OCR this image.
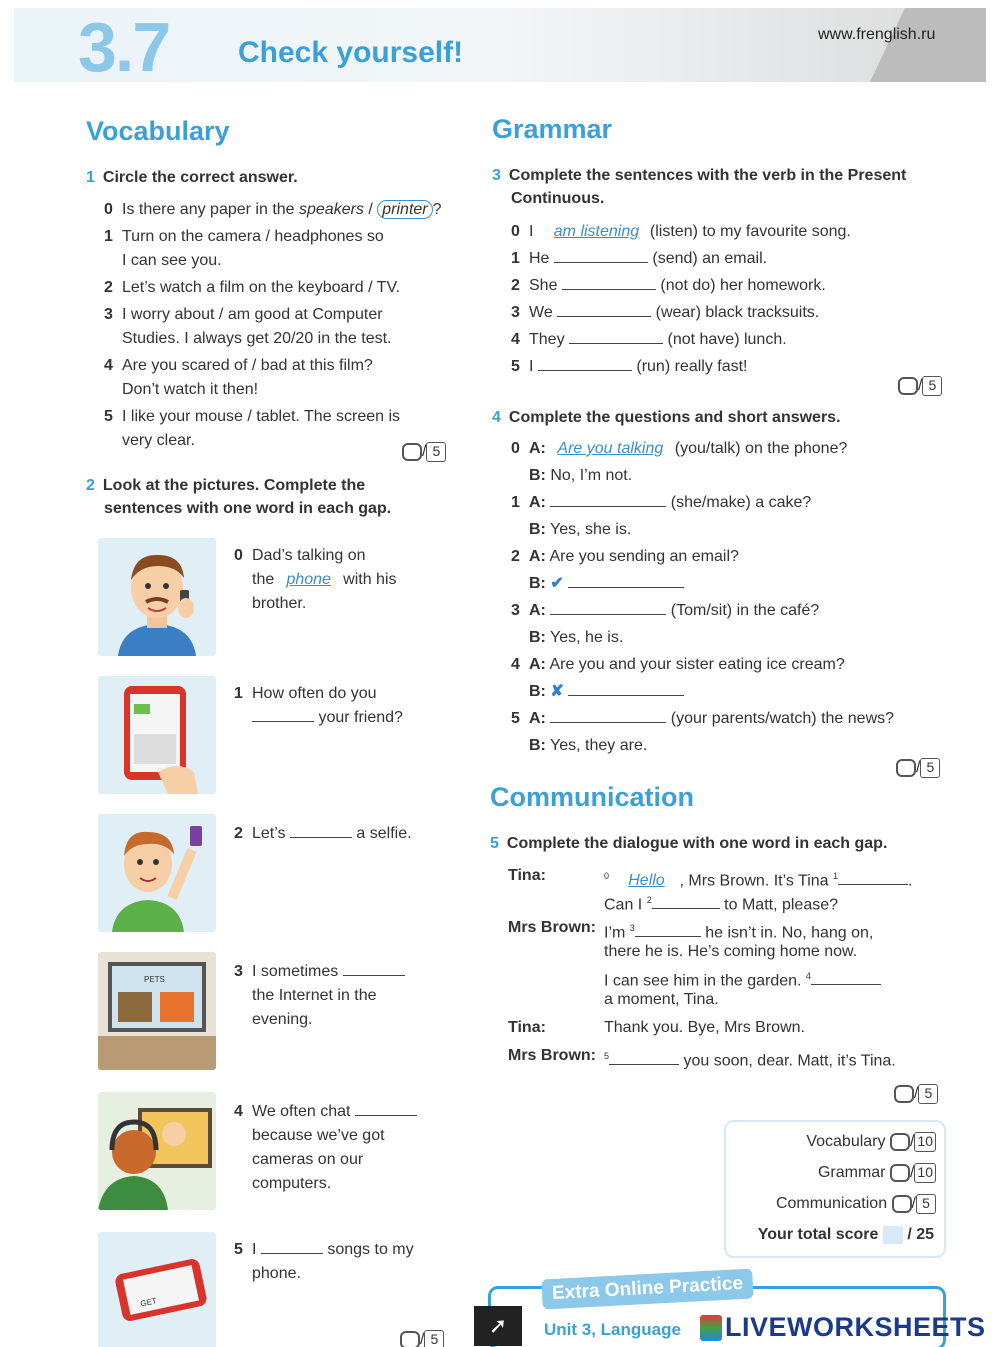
3.7 Check yourself!
www.frenglish.ru
Vocabulary
1 Circle the correct answer.
0 Is there any paper in the speakers / printer ?
1 Turn on the camera / headphones so
I can see you.
2 Let’s watch a film on the keyboard / TV.
3 I worry about / am good at Computer
Studies. I always get 20/20 in the test.
4 Are you scared of / bad at this film?
Don’t watch it then!
5 I like your mouse / tablet. The screen is
very clear.
/ 5
2 Look at the pictures. Complete the
sentences with one word in each gap.
PETS
GET
0 Dad’s talking on
the phone with his
brother.
1 How often do you
your friend?
2 Let’s	a selfie.
3 I sometimes
the Internet in the
evening.
4 We often chat
because we’ve got
cameras on our
computers.
5 I	songs to my
phone.
/ 5
Grammar
3 Complete the sentences with the verb in the Present
Continuous.
0 I am listening (listen) to my favourite song.
1 He	(send) an email.
2 She	(not do) her homework.
3 We	(wear) black tracksuits.
4 They	(not have) lunch.
5 I	(run) really fast!
/ 5
4 Complete the questions and short answers.
0 A: Are you talking (you/talk) on the phone?
B: No, I’m not.
1 A:	(she/make) a cake?
B: Yes, she is.
2 A: Are you sending an email?
B: ✔
3 A:	(Tom/sit) in the café?
B: Yes, he is.
4 A: Are you and your sister eating ice cream?
B: ✘
5 A:	(your parents/watch) the news?
B: Yes, they are.
/ 5
Communication
5 Complete the dialogue with one word in each gap.
Tina:	$^0$ Hello , Mrs Brown. It’s Tina $^1$	.
Can I $^2$	to Matt, please?
Mrs Brown: I’m $^3$	he isn’t in. No, hang on,
there he is. He’s coming home now.
I can see him in the garden. $^4$
a moment, Tina.
Tina:	Thank you. Bye, Mrs Brown.
Mrs Brown: $^5$	you soon, dear. Matt, it’s Tina.
/ 5
Vocabulary / 10
Grammar / 10
Communication / 5
Your total score / 25
Extra Online Practice
➚	Unit 3, Language LIVEWORKSHEETS
